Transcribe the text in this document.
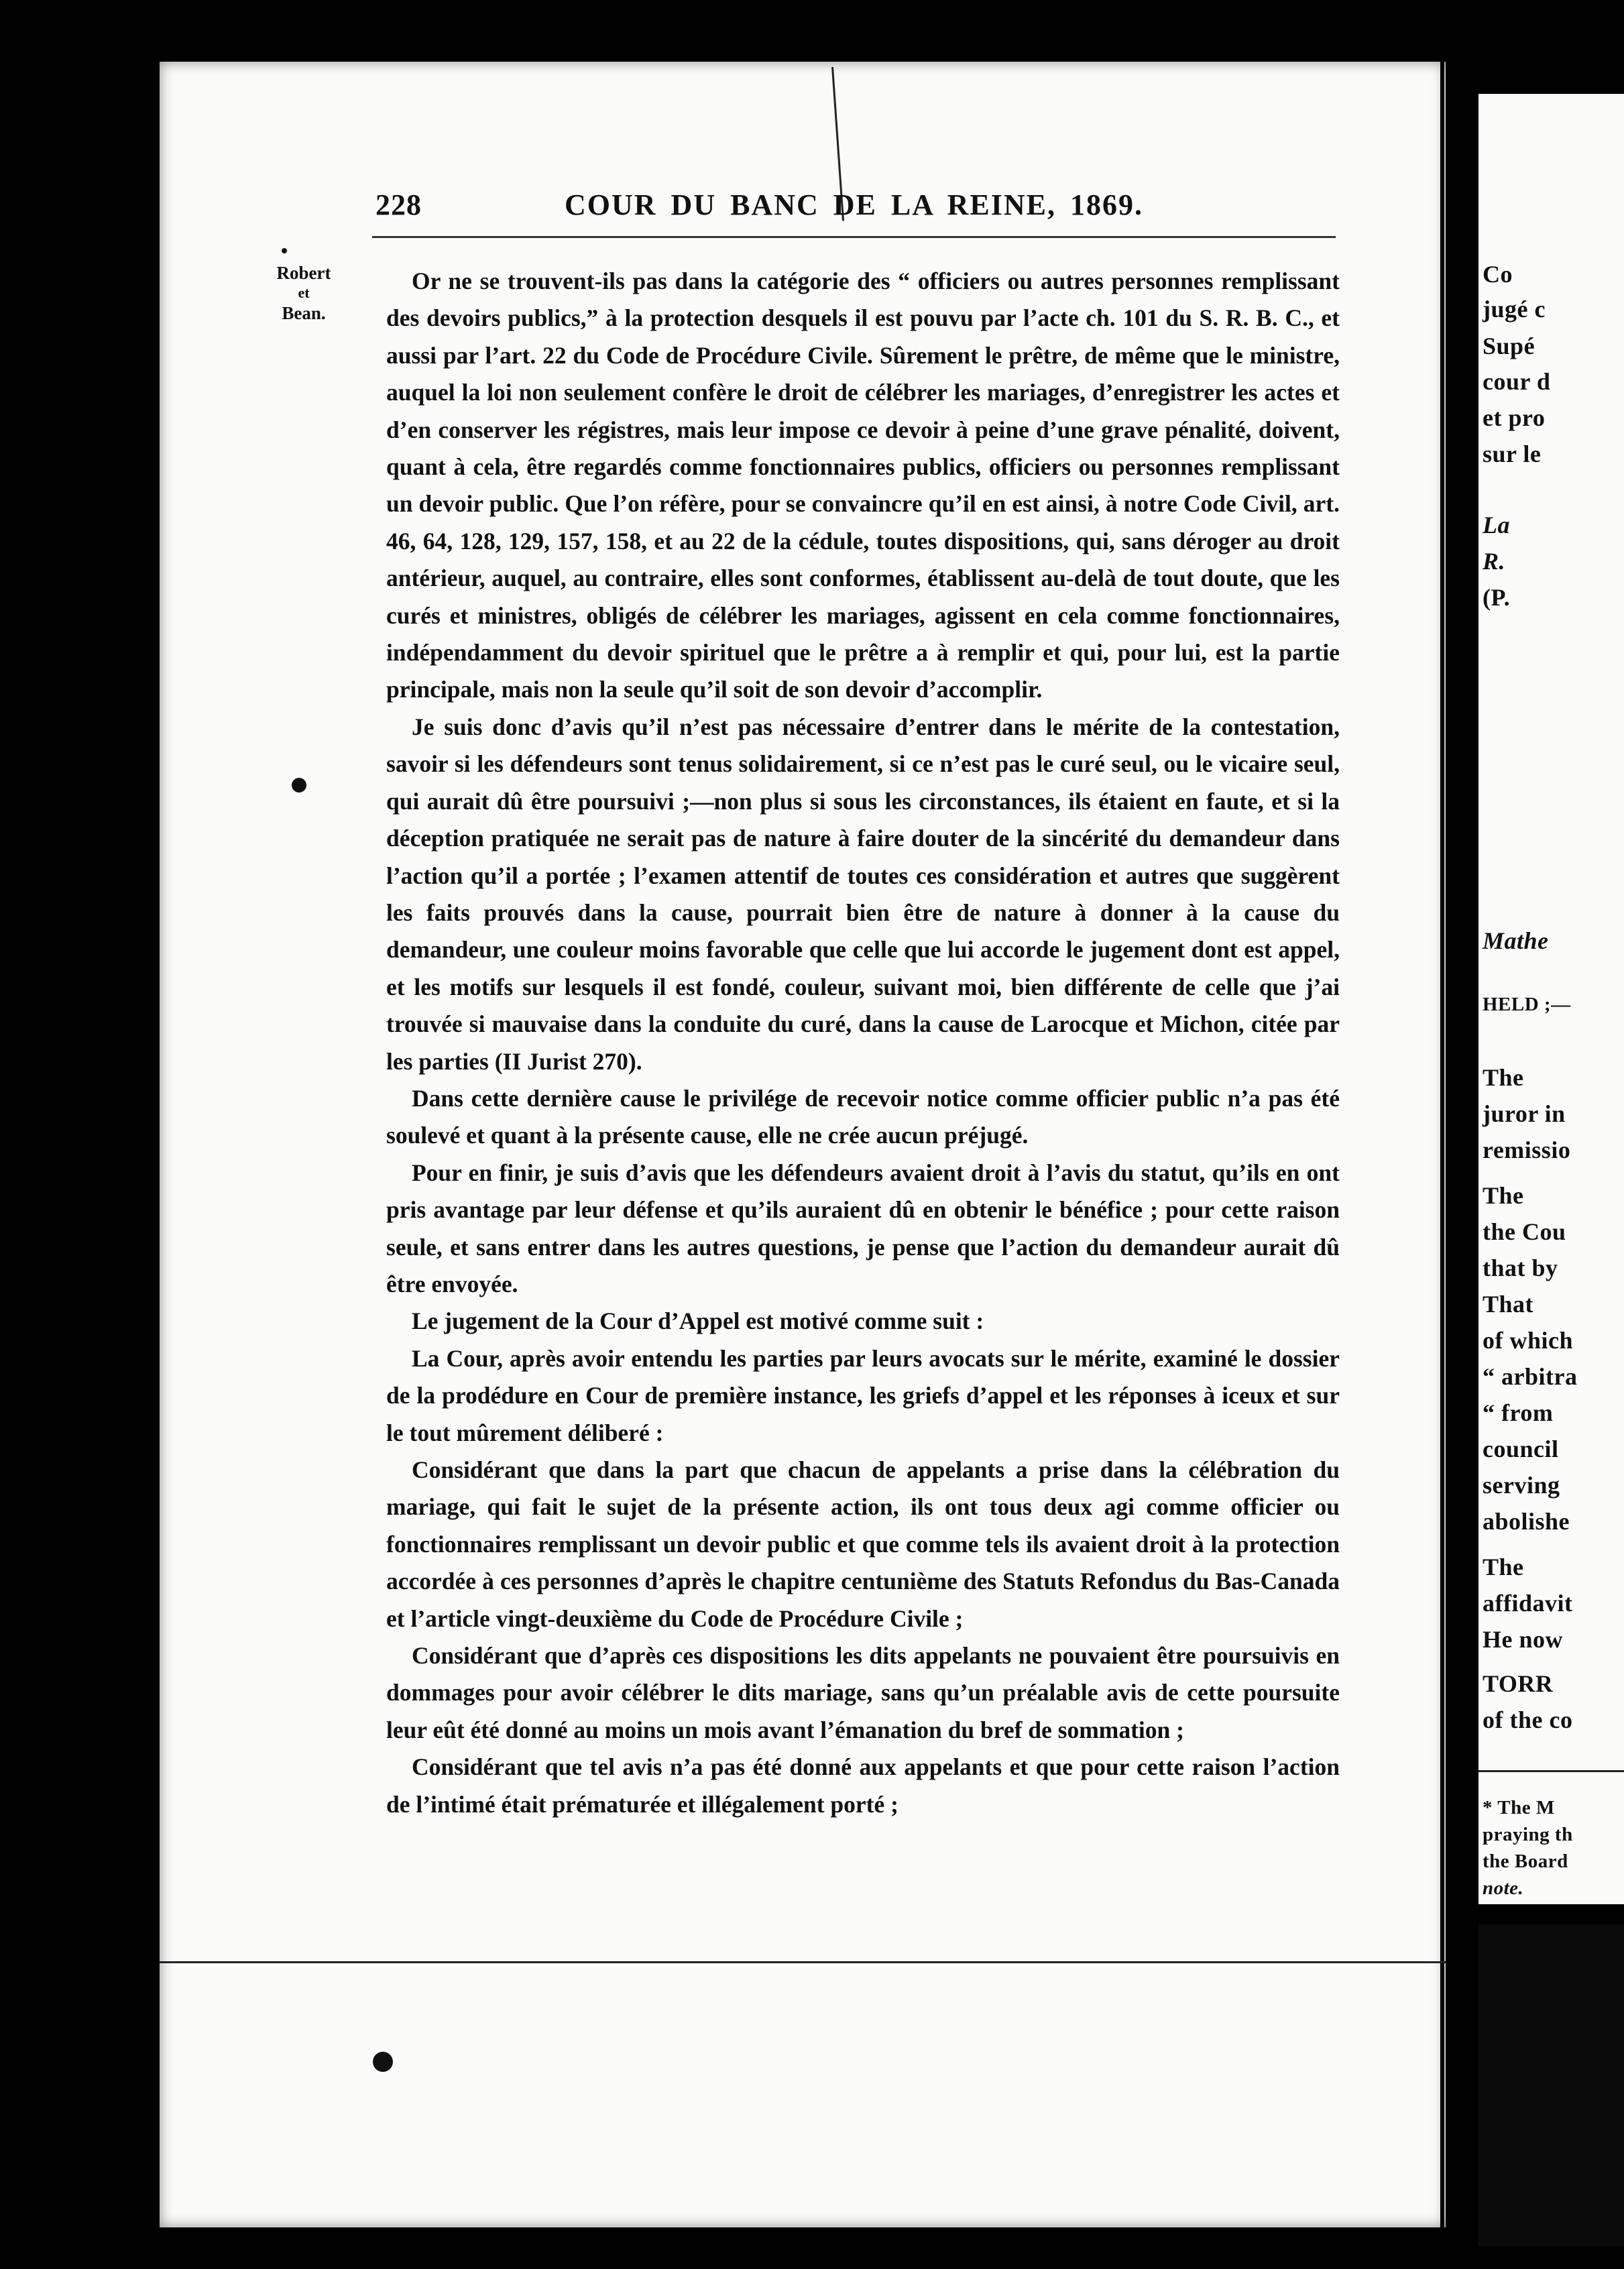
228	COUR DU BANC DE LA REINE, 1869.
Robert
et
Bean.

Or ne se trouvent-ils pas dans la catégorie des “ officiers ou autres personnes remplissant des devoirs publics,” à la protection desquels il est pouvu par l’acte ch. 101 du S. R. B. C., et aussi par l’art. 22 du Code de Procédure Civile. Sûrement le prêtre, de même que le ministre, auquel la loi non seulement confère le droit de célébrer les mariages, d’enregistrer les actes et d’en conserver les régistres, mais leur impose ce devoir à peine d’une grave pénalité, doivent, quant à cela, être regardés comme fonctionnaires publics, officiers ou personnes remplissant un devoir public. Que l’on réfère, pour se convaincre qu’il en est ainsi, à notre Code Civil, art. 46, 64, 128, 129, 157, 158, et au 22 de la cédule, toutes dispositions, qui, sans déroger au droit antérieur, auquel, au contraire, elles sont conformes, établissent au-delà de tout doute, que les curés et ministres, obligés de célébrer les mariages, agissent en cela comme fonctionnaires, indépendamment du devoir spirituel que le prêtre a à remplir et qui, pour lui, est la partie principale, mais non la seule qu’il soit de son devoir d’accomplir.

Je suis donc d’avis qu’il n’est pas nécessaire d’entrer dans le mérite de la contestation, savoir si les défendeurs sont tenus solidairement, si ce n’est pas le curé seul, ou le vicaire seul, qui aurait dû être poursuivi ;—non plus si sous les circonstances, ils étaient en faute, et si la déception pratiquée ne serait pas de nature à faire douter de la sincérité du demandeur dans l’action qu’il a portée ; l’examen attentif de toutes ces considération et autres que suggèrent les faits prouvés dans la cause, pourrait bien être de nature à donner à la cause du demandeur, une couleur moins favorable que celle que lui accorde le jugement dont est appel, et les motifs sur lesquels il est fondé, couleur, suivant moi, bien différente de celle que j’ai trouvée si mauvaise dans la conduite du curé, dans la cause de Larocque et Michon, citée par les parties (II Jurist 270).

Dans cette dernière cause le privilége de recevoir notice comme officier public n’a pas été soulevé et quant à la présente cause, elle ne crée aucun préjugé.

Pour en finir, je suis d’avis que les défendeurs avaient droit à l’avis du statut, qu’ils en ont pris avantage par leur défense et qu’ils auraient dû en obtenir le bénéfice ; pour cette raison seule, et sans entrer dans les autres questions, je pense que l’action du demandeur aurait dû être envoyée.

Le jugement de la Cour d’Appel est motivé comme suit :

La Cour, après avoir entendu les parties par leurs avocats sur le mérite, examiné le dossier de la prodédure en Cour de première instance, les griefs d’appel et les réponses à iceux et sur le tout mûrement déliberé :

Considérant que dans la part que chacun de appelants a prise dans la célébration du mariage, qui fait le sujet de la présente action, ils ont tous deux agi comme officier ou fonctionnaires remplissant un devoir public et que comme tels ils avaient droit à la protection accordée à ces personnes d’après le chapitre centunième des Statuts Refondus du Bas-Canada et l’article vingt-deuxième du Code de Procédure Civile ;

Considérant que d’après ces dispositions les dits appelants ne pouvaient être poursuivis en dommages pour avoir célébrer le dits mariage, sans qu’un préalable avis de cette poursuite leur eût été donné au moins un mois avant l’émanation du bref de sommation ;

Considérant que tel avis n’a pas été donné aux appelants et que pour cette raison l’action de l’intimé était prématurée et illégalement porté ;

Co
jugé c
Supé
cour d
et pro
sur le
La
R.
(P.
Mathe
HELD ;—
The
juror in
remissio
The
the Cou
that by
That
of which
“ arbitra
“ from
council
serving
abolishe
The
affidavit
He now
TORR
of the co
* The M
praying th
the Board
note.
